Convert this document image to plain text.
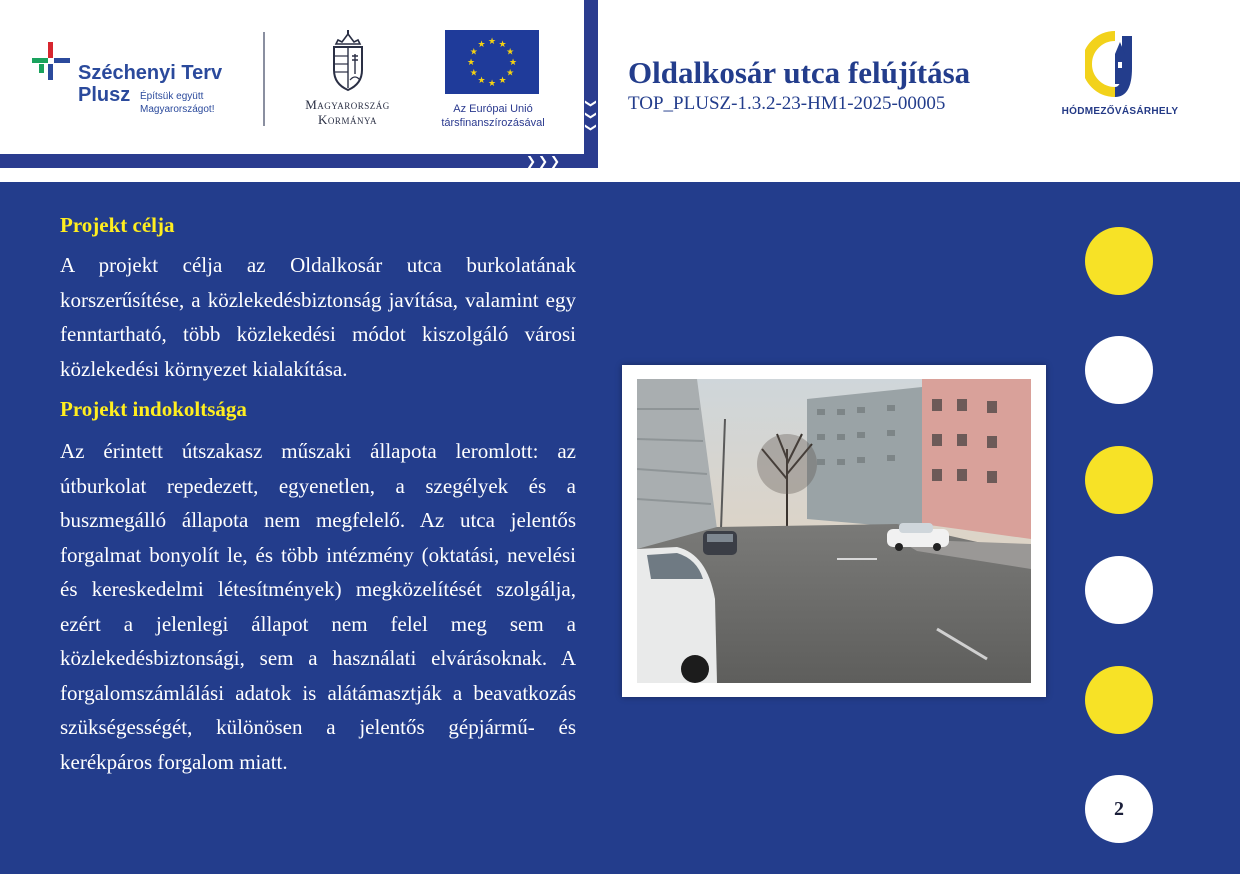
❯
❯
❯
❯ ❯ ❯
Széchenyi Terv
Plusz Építsük együtt
Magyarországot!	Magyarország
Kormánya
★
★
★
★
★
★
★
★
★ ★ ★
★
Az Európai Unió
társfinanszírozásával
Oldalkosár utca felújítása
TOP_PLUSZ-1.3.2-23-HM1-2025-00005	HÓDMEZŐVÁSÁRHELY
Projekt célja

A projekt célja az Oldalkosár utca burkolatának korszerűsítése, a közlekedésbiztonság javítása, valamint egy fenntartható, több közlekedési módot kiszolgáló városi közlekedési környezet kialakítása.

Projekt indokoltsága

Az érintett útszakasz műszaki állapota leromlott: az útburkolat repedezett, egyenetlen, a szegélyek és a buszmegálló állapota nem megfelelő. Az utca jelentős forgalmat bonyolít le, és több intézmény (oktatási, nevelési és kereskedelmi létesítmények) megközelítését szolgálja, ezért a jelenlegi állapot nem felel meg sem a közlekedésbiztonsági, sem a használati elvárásoknak. A forgalomszámlálási adatok is alátámasztják a beavatkozás szükségességét, különösen a jelentős gépjármű- és kerékpáros forgalom miatt.

2
